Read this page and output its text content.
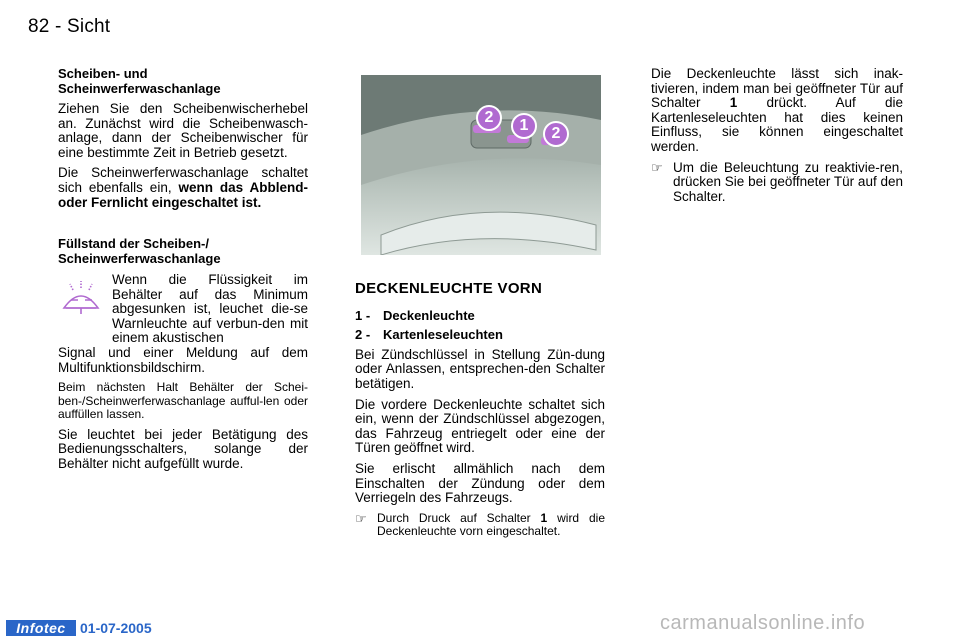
82 - Sicht
Scheiben- und
Scheinwerferwaschanlage

Ziehen Sie den Scheibenwischerhebel an. Zunächst wird die Scheibenwasch-anlage, dann der Scheibenwischer für eine bestimmte Zeit in Betrieb gesetzt.

Die Scheinwerferwaschanlage schaltet sich ebenfalls ein, wenn das Abblend- oder Fernlicht eingeschaltet ist.

Füllstand der Scheiben-/
Scheinwerferwaschanlage

Wenn die Flüssigkeit im Behälter auf das Minimum abgesunken ist, leuchet die-se Warnleuchte auf verbun-den mit einem akustischen

Signal und einer Meldung auf dem Multifunktionsbildschirm.

Beim nächsten Halt Behälter der Schei-ben-/Scheinwerferwaschanlage aufful-len oder auffüllen lassen.

Sie leuchtet bei jeder Betätigung des Bedienungsschalters, solange der Behälter nicht aufgefüllt wurde.

2	1	2
DECKENLEUCHTE VORN
1 - Deckenleuchte
2 - Kartenleseleuchten

Bei Zündschlüssel in Stellung Zün-dung oder Anlassen, entsprechen-den Schalter betätigen.

Die vordere Deckenleuchte schaltet sich ein, wenn der Zündschlüssel abgezogen, das Fahrzeug entriegelt oder eine der Türen geöffnet wird.

Sie erlischt allmählich nach dem Einschalten der Zündung oder dem Verriegeln des Fahrzeugs.

☞ Durch Druck auf Schalter 1 wird die Deckenleuchte vorn eingeschaltet.

Die Deckenleuchte lässt sich inak-tivieren, indem man bei geöffneter Tür auf Schalter 1 drückt. Auf die Kartenleseleuchten hat dies keinen Einfluss, sie können eingeschaltet werden.

☞ Um die Beleuchtung zu reaktivie-ren, drücken Sie bei geöffneter Tür auf den Schalter.
Infotec	01-07-2005	carmanualsonline.info
